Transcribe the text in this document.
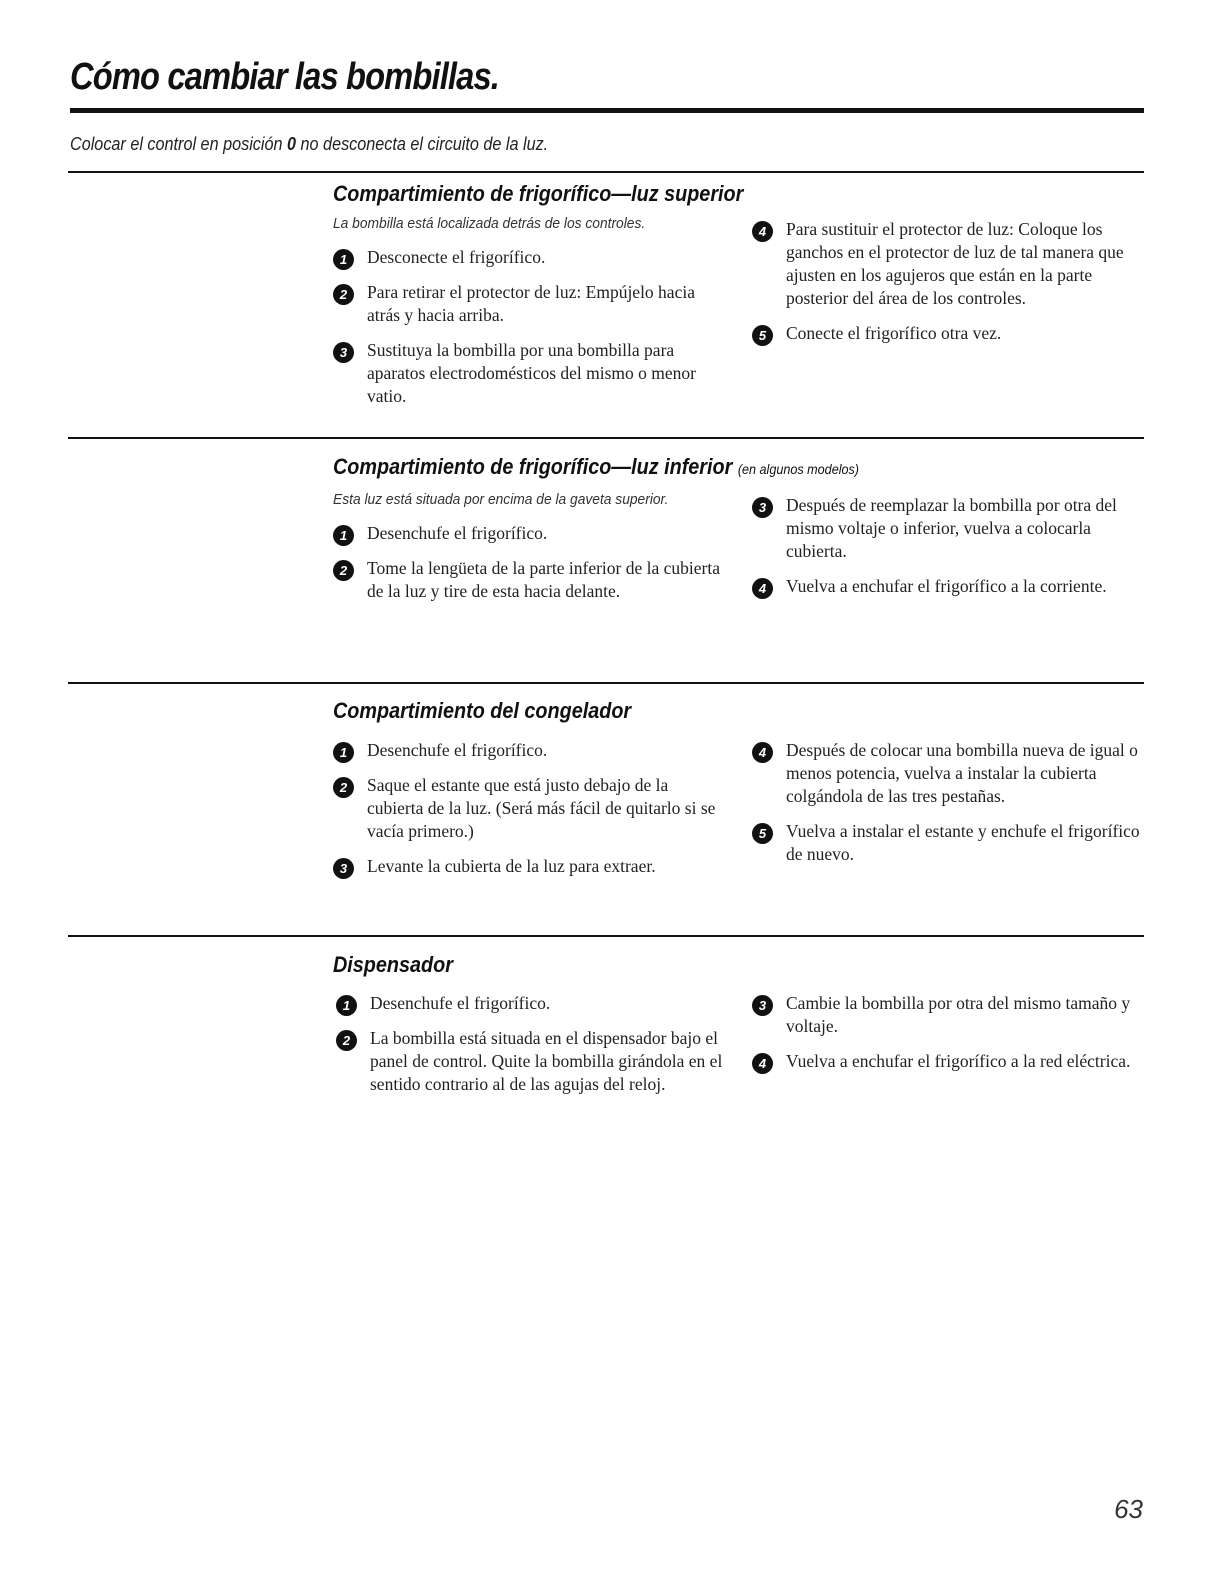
Cómo cambiar las bombillas.
Colocar el control en posición 0 no desconecta el circuito de la luz.
Compartimiento de frigorífico—luz superior
La bombilla está localizada detrás de los controles.
1	Desconecte el frigorífico.
2	Para retirar el protector de luz: Empújelo hacia atrás y hacia arriba.
3	Sustituya la bombilla por una bombilla para aparatos electrodomésticos del mismo o menor vatio.
4	Para sustituir el protector de luz: Coloque los ganchos en el protector de luz de tal manera que ajusten en los agujeros que están en la parte posterior del área de los controles.
5	Conecte el frigorífico otra vez.
Compartimiento de frigorífico—luz inferior (en algunos modelos)
Esta luz está situada por encima de la gaveta superior.
1	Desenchufe el frigorífico.
2	Tome la lengüeta de la parte inferior de la cubierta de la luz y tire de esta hacia delante.
3	Después de reemplazar la bombilla por otra del mismo voltaje o inferior, vuelva a colocarla cubierta.
4	Vuelva a enchufar el frigorífico a la corriente.
Compartimiento del congelador
1	Desenchufe el frigorífico.
2	Saque el estante que está justo debajo de la cubierta de la luz. (Será más fácil de quitarlo si se vacía primero.)
3	Levante la cubierta de la luz para extraer.
4	Después de colocar una bombilla nueva de igual o menos potencia, vuelva a instalar la cubierta colgándola de las tres pestañas.
5	Vuelva a instalar el estante y enchufe el frigorífico de nuevo.
Dispensador
1	Desenchufe el frigorífico.
2	La bombilla está situada en el dispensador bajo el panel de control. Quite la bombilla girándola en el sentido contrario al de las agujas del reloj.
3	Cambie la bombilla por otra del mismo tamaño y voltaje.
4	Vuelva a enchufar el frigorífico a la red eléctrica.
63
